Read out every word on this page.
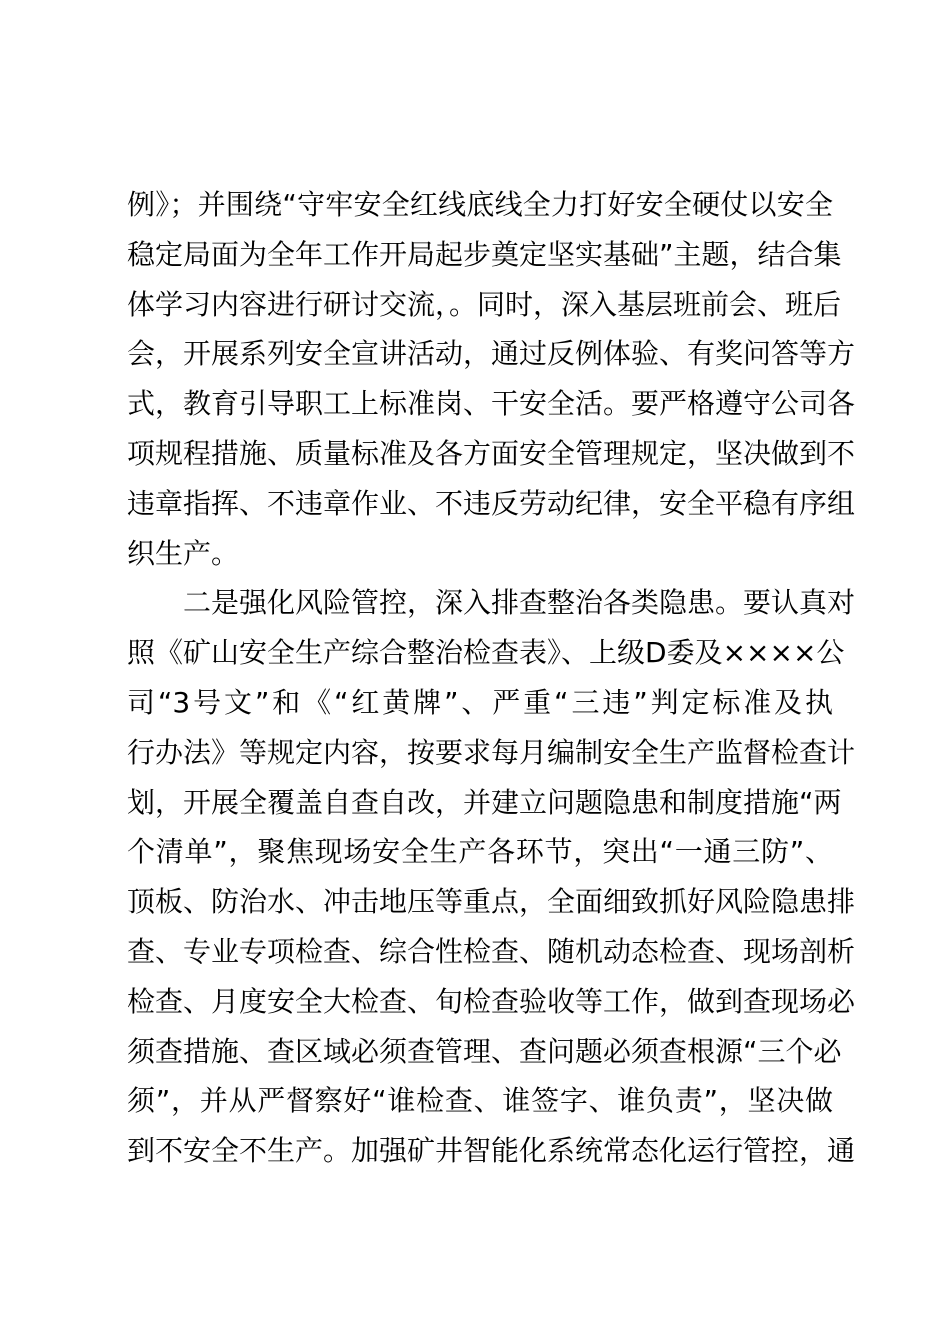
例》；并围绕“守牢安全红线底线全力打好安全硬仗以安全
稳定局面为全年工作开局起步奠定坚实基础”主题，结合集
体学习内容进行研讨交流，。同时，深入基层班前会、班后
会，开展系列安全宣讲活动，通过反例体验、有奖问答等方
式，教育引导职工上标准岗、干安全活。要严格遵守公司各
项规程措施、质量标准及各方面安全管理规定，坚决做到不
违章指挥、不违章作业、不违反劳动纪律，安全平稳有序组
织生产。
　　二是强化风险管控，深入排查整治各类隐患。要认真对
照《矿山安全生产综合整治检查表》、上级D委及××××公
司“3号文”和《“红黄牌”、严重“三违”判定标准及执
行办法》等规定内容，按要求每月编制安全生产监督检查计
划，开展全覆盖自查自改，并建立问题隐患和制度措施“两
个清单”，聚焦现场安全生产各环节，突出“一通三防”、
顶板、防治水、冲击地压等重点，全面细致抓好风险隐患排
查、专业专项检查、综合性检查、随机动态检查、现场剖析
检查、月度安全大检查、旬检查验收等工作，做到查现场必
须查措施、查区域必须查管理、查问题必须查根源“三个必
须”，并从严督察好“谁检查、谁签字、谁负责”，坚决做
到不安全不生产。加强矿井智能化系统常态化运行管控，通
